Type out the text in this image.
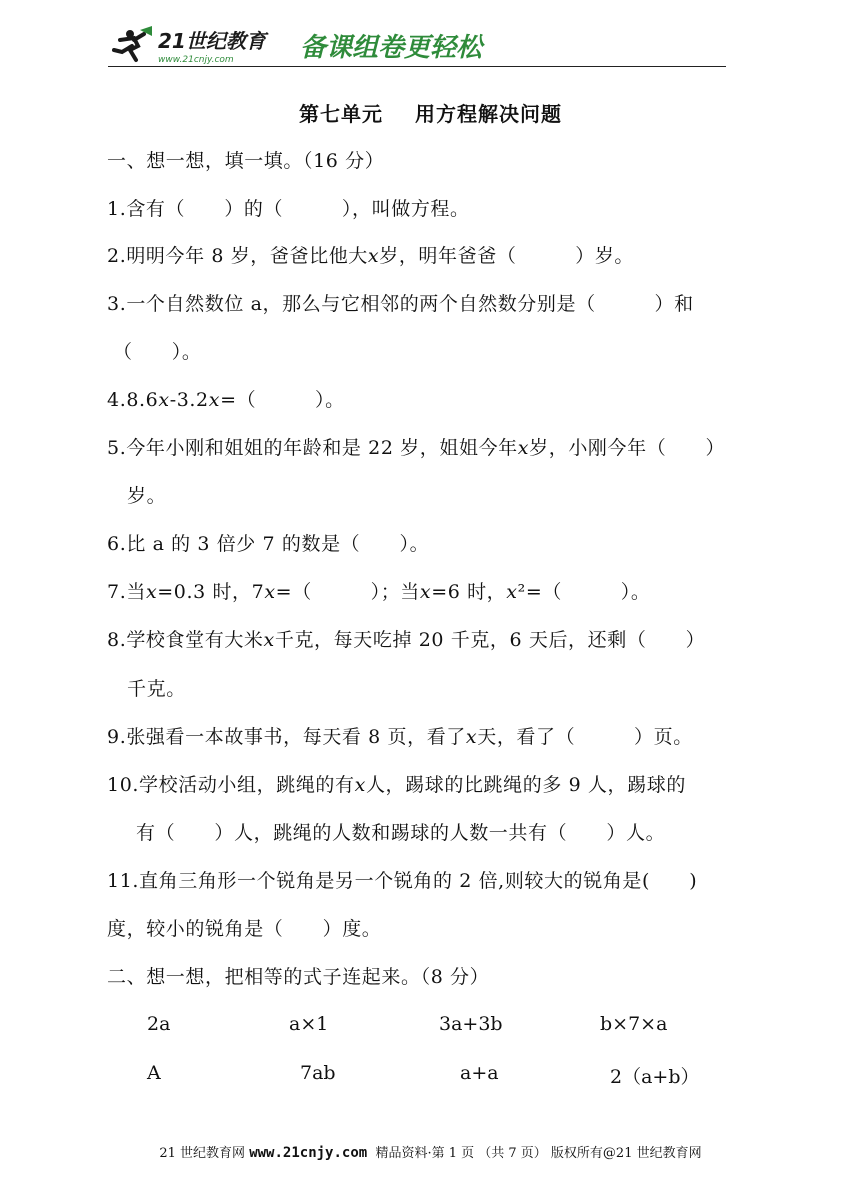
21世纪教育
www.21cnjy.com	备课组卷更轻松
第七单元 用方程解决问题
一、想一想，填一填。（16 分）
1.含有（　　）的（　　　），叫做方程。
2.明明今年 8 岁，爸爸比他大x岁，明年爸爸（　　　）岁。
3.一个自然数位 a，那么与它相邻的两个自然数分别是（　　　）和
（　　）。
4.8.6x-3.2x=（　　　）。
5.今年小刚和姐姐的年龄和是 22 岁，姐姐今年x岁，小刚今年（　　）
岁。
6.比 a 的 3 倍少 7 的数是（　　）。
7.当x=0.3 时，7x=（　　　）；当x=6 时，x²=（　　　）。
8.学校食堂有大米x千克，每天吃掉 20 千克，6 天后，还剩（　　）
千克。
9.张强看一本故事书，每天看 8 页，看了x天，看了（　　　）页。
10.学校活动小组，跳绳的有x人，踢球的比跳绳的多 9 人，踢球的
有（　　）人，跳绳的人数和踢球的人数一共有（　　）人。
11.直角三角形一个锐角是另一个锐角的 2 倍,则较大的锐角是(　　)
度，较小的锐角是（　　）度。
二、想一想，把相等的式子连起来。（8 分）
2a	a×1	3a+3b	b×7×a
A	7ab	a+a	2（a+b）
21 世纪教育网 www.21cnjy.com  精品资料·第 1 页 （共 7 页） 版权所有@21 世纪教育网
